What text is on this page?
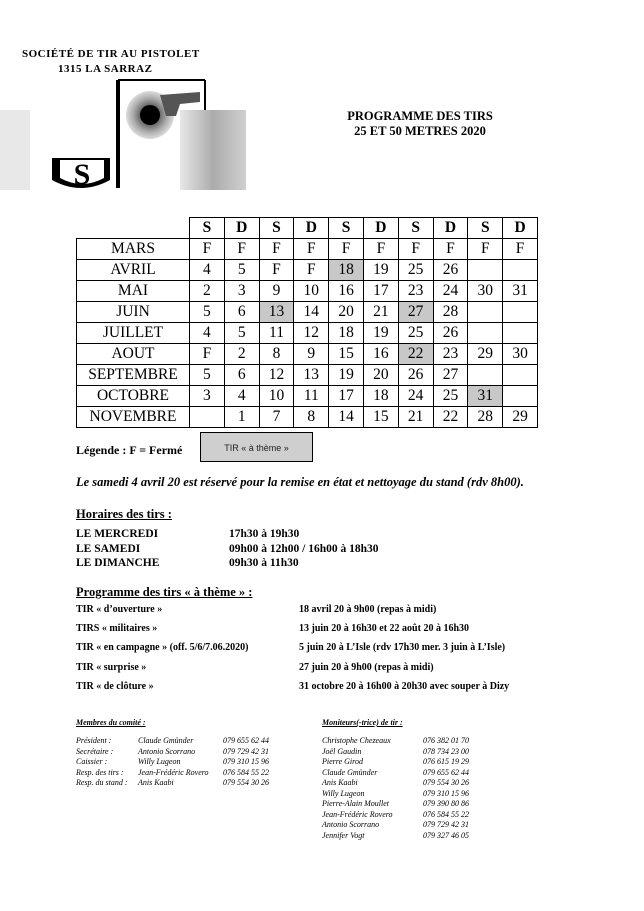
SOCIÉTÉ DE TIR AU PISTOLET
1315 LA SARRAZ
S
PROGRAMME DES TIRS
25 ET 50 METRES 2020
	S	D	S	D	S	D	S	D	S	D
MARS	F	F	F	F	F	F	F	F	F	F
AVRIL	4	5	F	F	18	19	25	26		
MAI	2	3	9	10	16	17	23	24	30	31
JUIN	5	6	13	14	20	21	27	28		
JUILLET	4	5	11	12	18	19	25	26		
AOUT	F	2	8	9	15	16	22	23	29	30
SEPTEMBRE	5	6	12	13	19	20	26	27		
OCTOBRE	3	4	10	11	17	18	24	25	31	
NOVEMBRE		1	7	8	14	15	21	22	28	29
Légende : F = Fermé	TIR « à thème »
Le samedi 4 avril 20 est réservé pour la remise en état et nettoyage du stand (rdv 8h00).
Horaires des tirs :
LE MERCREDI	17h30 à 19h30
LE SAMEDI	09h00 à 12h00 / 16h00 à 18h30
LE DIMANCHE	09h30 à 11h30
Programme des tirs « à thème » :
TIR « d’ouverture »	18 avril 20 à 9h00 (repas à midi)
TIRS « militaires »	13 juin 20 à 16h30 et 22 août 20 à 16h30
TIR « en campagne » (off. 5/6/7.06.2020)	5 juin 20 à L’Isle (rdv 17h30 mer. 3 juin à L’Isle)
TIR « surprise »	27 juin 20 à 9h00 (repas à midi)
TIR « de clôture »	31 octobre 20 à 16h00 à 20h30 avec souper à Dizy
Membres du comité :
Président :	Claude Gmünder	079 655 62 44
Secrétaire :	Antonio Scorrano	079 729 42 31
Caissier :	Willy Lugeon	079 310 15 96
Resp. des tirs : Jean-Frédéric Rovero 076 584 55 22
Resp. du stand : Anis Kaabi	079 554 30 26
Moniteurs(-trice) de tir :
Christophe Chezeaux	076 382 01 70
Joël Gaudin	078 734 23 00
Pierre Girod	076 615 19 29
Claude Gmünder	079 655 62 44
Anis Kaabi	079 554 30 26
Willy Lugeon	079 310 15 96
Pierre-Alain Moullet	079 390 80 86
Jean-Frédéric Rovero	076 584 55 22
Antonio Scorrano	079 729 42 31
Jennifer Vogt	079 327 46 05
